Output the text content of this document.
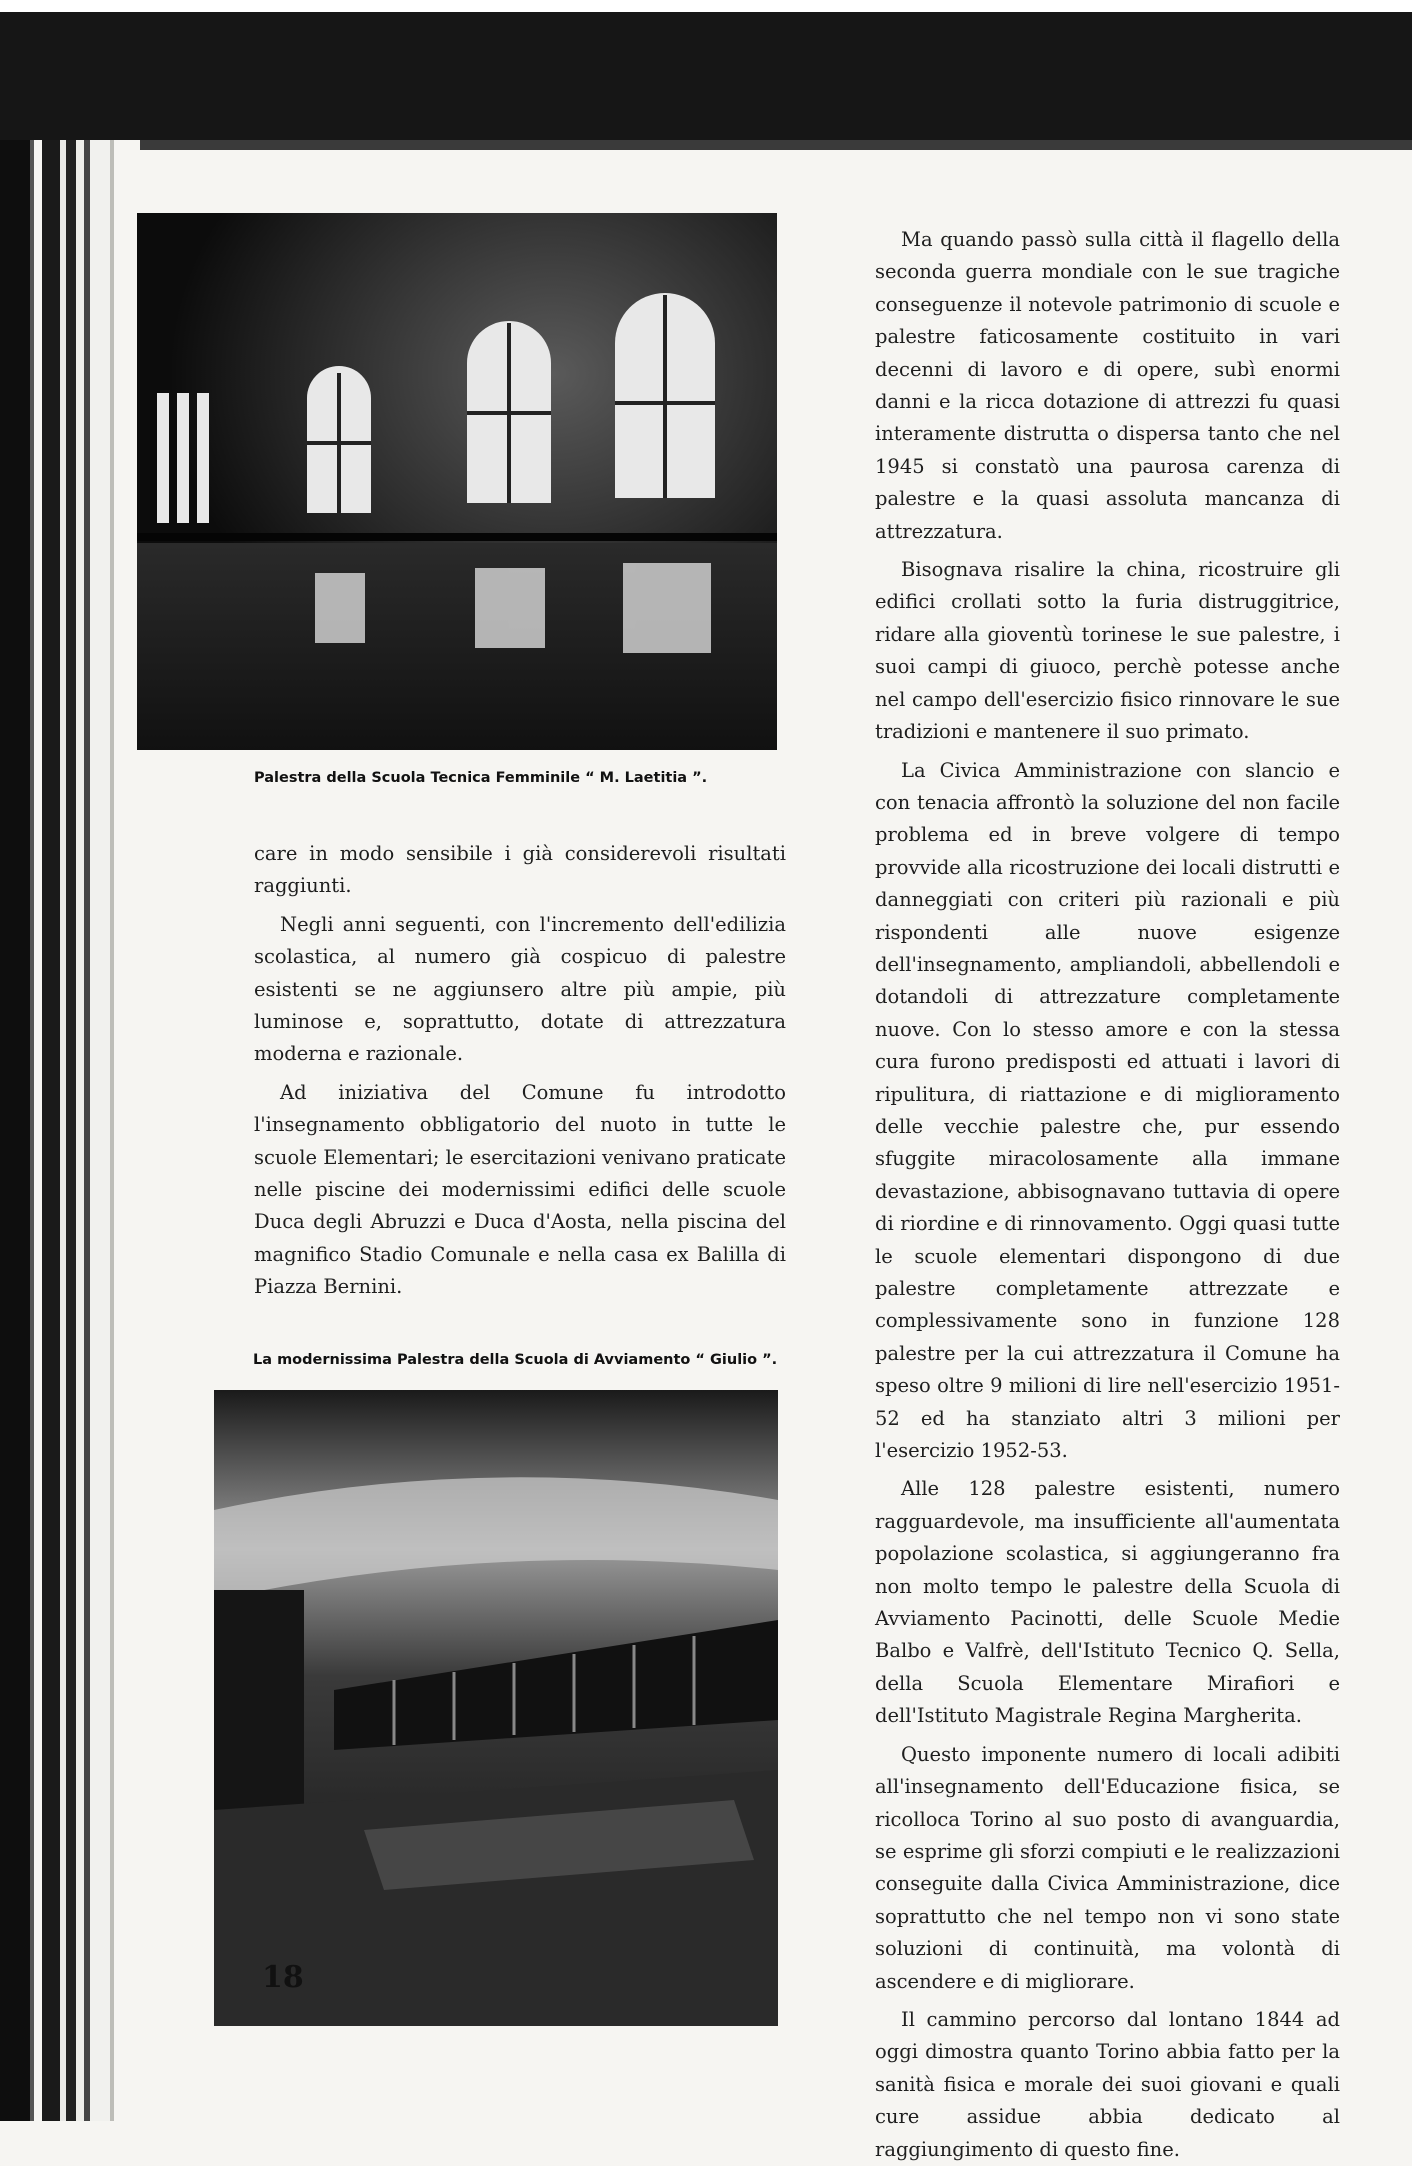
Palestra della Scuola Tecnica Femminile “ M. Laetitia ”.

care in modo sensibile i già considerevoli risultati raggiunti.

Negli anni seguenti, con l'incremento dell'edilizia scolastica, al numero già cospicuo di palestre esistenti se ne aggiunsero altre più ampie, più luminose e, soprattutto, dotate di attrezzatura moderna e razionale.

Ad iniziativa del Comune fu introdotto l'insegnamento obbligatorio del nuoto in tutte le scuole Elementari; le esercitazioni venivano praticate nelle piscine dei modernissimi edifici delle scuole Duca degli Abruzzi e Duca d'Aosta, nella piscina del magnifico Stadio Comunale e nella casa ex Balilla di Piazza Bernini.

La modernissima Palestra della Scuola di Avviamento “ Giulio ”.

Ma quando passò sulla città il flagello della seconda guerra mondiale con le sue tragiche conseguenze il notevole patrimonio di scuole e palestre faticosamente costituito in vari decenni di lavoro e di opere, subì enormi danni e la ricca dotazione di attrezzi fu quasi interamente distrutta o dispersa tanto che nel 1945 si constatò una paurosa carenza di palestre e la quasi assoluta mancanza di attrezzatura.

Bisognava risalire la china, ricostruire gli edifici crollati sotto la furia distruggitrice, ridare alla gioventù torinese le sue palestre, i suoi campi di giuoco, perchè potesse anche nel campo dell'esercizio fisico rinnovare le sue tradizioni e mantenere il suo primato.

La Civica Amministrazione con slancio e con tenacia affrontò la soluzione del non facile problema ed in breve volgere di tempo provvide alla ricostruzione dei locali distrutti e danneggiati con criteri più razionali e più rispondenti alle nuove esigenze dell'insegnamento, ampliandoli, abbellendoli e dotandoli di attrezzature completamente nuove. Con lo stesso amore e con la stessa cura furono predisposti ed attuati i lavori di ripulitura, di riattazione e di miglioramento delle vecchie palestre che, pur essendo sfuggite miracolosamente alla immane devastazione, abbisognavano tuttavia di opere di riordine e di rinnovamento. Oggi quasi tutte le scuole elementari dispongono di due palestre completamente attrezzate e complessivamente sono in funzione 128 palestre per la cui attrezzatura il Comune ha speso oltre 9 milioni di lire nell'esercizio 1951-52 ed ha stanziato altri 3 milioni per l'esercizio 1952-53.

Alle 128 palestre esistenti, numero ragguardevole, ma insufficiente all'aumentata popolazione scolastica, si aggiungeranno fra non molto tempo le palestre della Scuola di Avviamento Pacinotti, delle Scuole Medie Balbo e Valfrè, dell'Istituto Tecnico Q. Sella, della Scuola Elementare Mirafiori e dell'Istituto Magistrale Regina Margherita.

Questo imponente numero di locali adibiti all'insegnamento dell'Educazione fisica, se ricolloca Torino al suo posto di avanguardia, se esprime gli sforzi compiuti e le realizzazioni conseguite dalla Civica Amministrazione, dice soprattutto che nel tempo non vi sono state soluzioni di continuità, ma volontà di ascendere e di migliorare.

Il cammino percorso dal lontano 1844 ad oggi dimostra quanto Torino abbia fatto per la sanità fisica e morale dei suoi giovani e quali cure assidue abbia dedicato al raggiungimento di questo fine.

18
